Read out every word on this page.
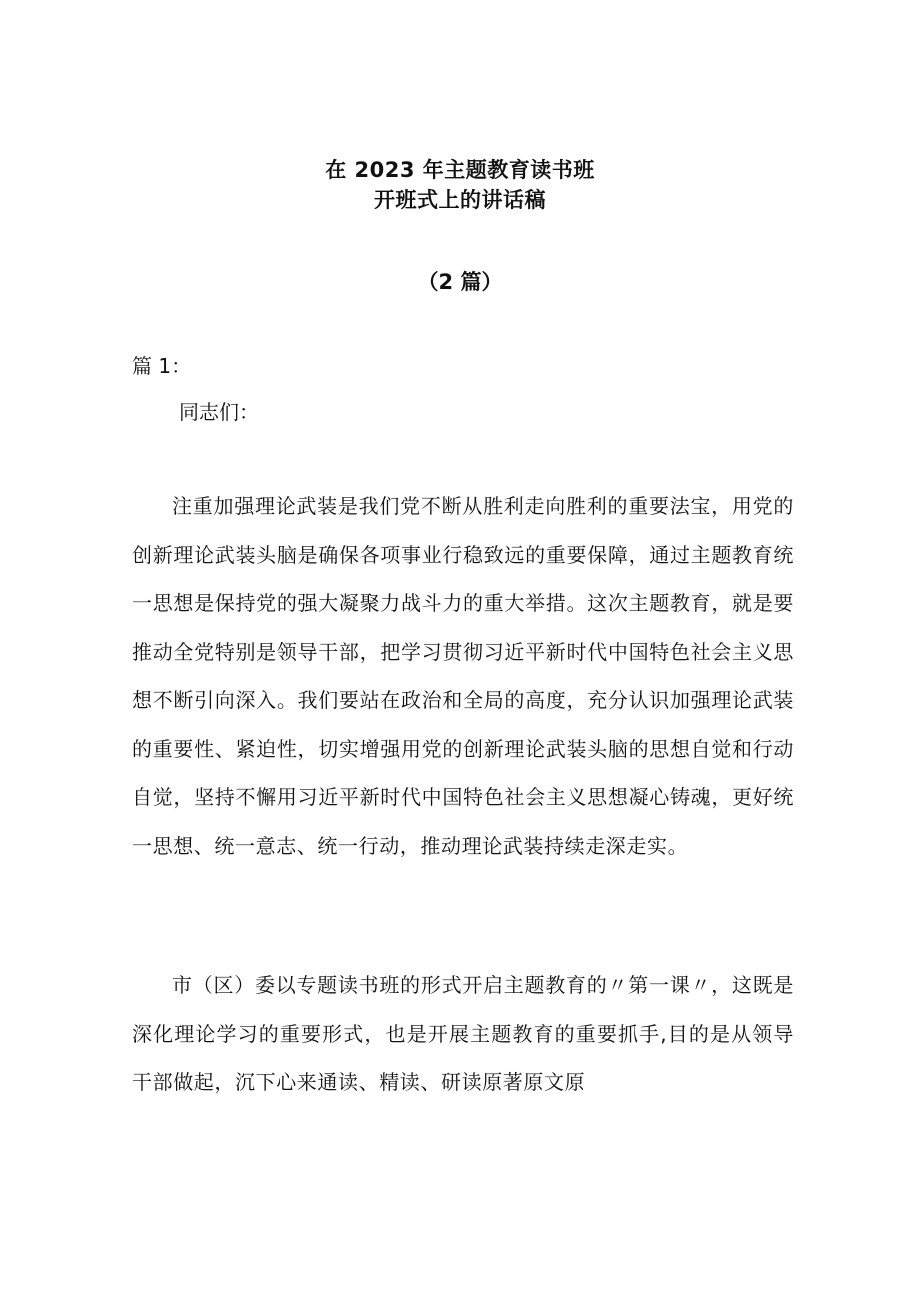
在 2023 年主题教育读书班
开班式上的讲话稿
（2 篇）
篇 1：
同志们：

注重加强理论武装是我们党不断从胜利走向胜利的重要法宝，用党的创新理论武装头脑是确保各项事业行稳致远的重要保障，通过主题教育统一思想是保持党的强大凝聚力战斗力的重大举措。这次主题教育，就是要推动全党特别是领导干部，把学习贯彻习近平新时代中国特色社会主义思想不断引向深入。我们要站在政治和全局的高度，充分认识加强理论武装的重要性、紧迫性，切实增强用党的创新理论武装头脑的思想自觉和行动自觉，坚持不懈用习近平新时代中国特色社会主义思想凝心铸魂，更好统一思想、统一意志、统一行动，推动理论武装持续走深走实。

市（区）委以专题读书班的形式开启主题教育的〃第一课〃，这既是深化理论学习的重要形式，也是开展主题教育的重要抓手,目的是从领导干部做起，沉下心来通读、精读、研读原著原文原
